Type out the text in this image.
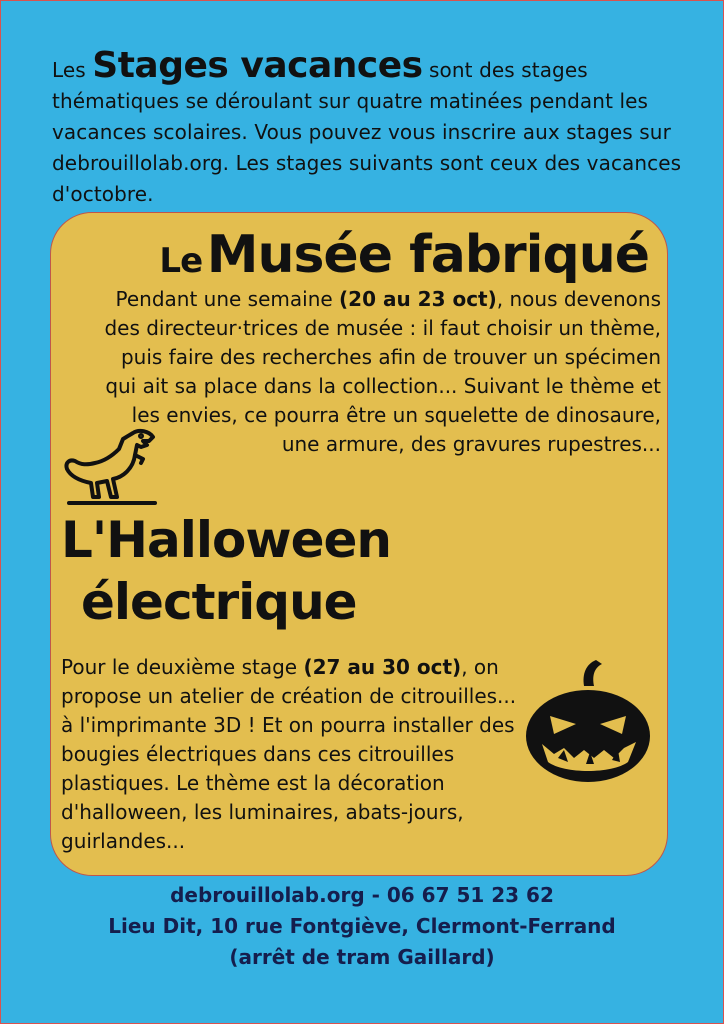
Les Stages vacances sont des stages thématiques se déroulant sur quatre matinées pendant les vacances scolaires. Vous pouvez vous inscrire aux stages sur debrouillolab.org. Les stages suivants sont ceux des vacances d'octobre.
Le Musée fabriqué
Pendant une semaine (20 au 23 oct), nous devenons des directeur·trices de musée : il faut choisir un thème, puis faire des recherches afin de trouver un spécimen qui ait sa place dans la collection... Suivant le thème et les envies, ce pourra être un squelette de dinosaure, une armure, des gravures rupestres...
L'Halloween
électrique
Pour le deuxième stage (27 au 30 oct), on propose un atelier de création de citrouilles... à l'imprimante 3D ! Et on pourra installer des bougies électriques dans ces citrouilles plastiques. Le thème est la décoration d'halloween, les luminaires, abats-jours, guirlandes...
debrouillolab.org - 06 67 51 23 62
Lieu Dit, 10 rue Fontgiève, Clermont-Ferrand
(arrêt de tram Gaillard)
